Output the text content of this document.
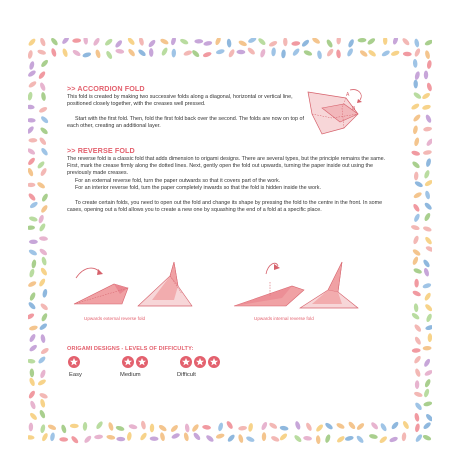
>> ACCORDION FOLD

This fold is created by making two successive folds along a diagonal, horizontal or vertical line, positioned closely together, with the creases well pressed.

Start with the first fold. Then, fold the first fold back over the second. The folds are now on top of each other, creating an additional layer.

A
B
>> REVERSE FOLD

The reverse fold is a classic fold that adds dimension to origami designs. There are several types, but the principle remains the same. First, mark the crease firmly along the dotted lines. Next, gently open the fold out upwards, turning the paper inside out using the previously made creases.

For an external reverse fold, turn the paper outwards so that it covers part of the work.

For an interior reverse fold, turn the paper completely inwards so that the fold is hidden inside the work.

To create certain folds, you need to open out the fold and change its shape by pressing the fold to the centre in the front. In some cases, opening out a fold allows you to create a new one by squashing the end of a fold at a specific place.

Upwards external reverse fold	Upwards internal reverse fold
ORIGAMI DESIGNS - LEVELS OF DIFFICULTY:
Easy	Medium	Difficult
